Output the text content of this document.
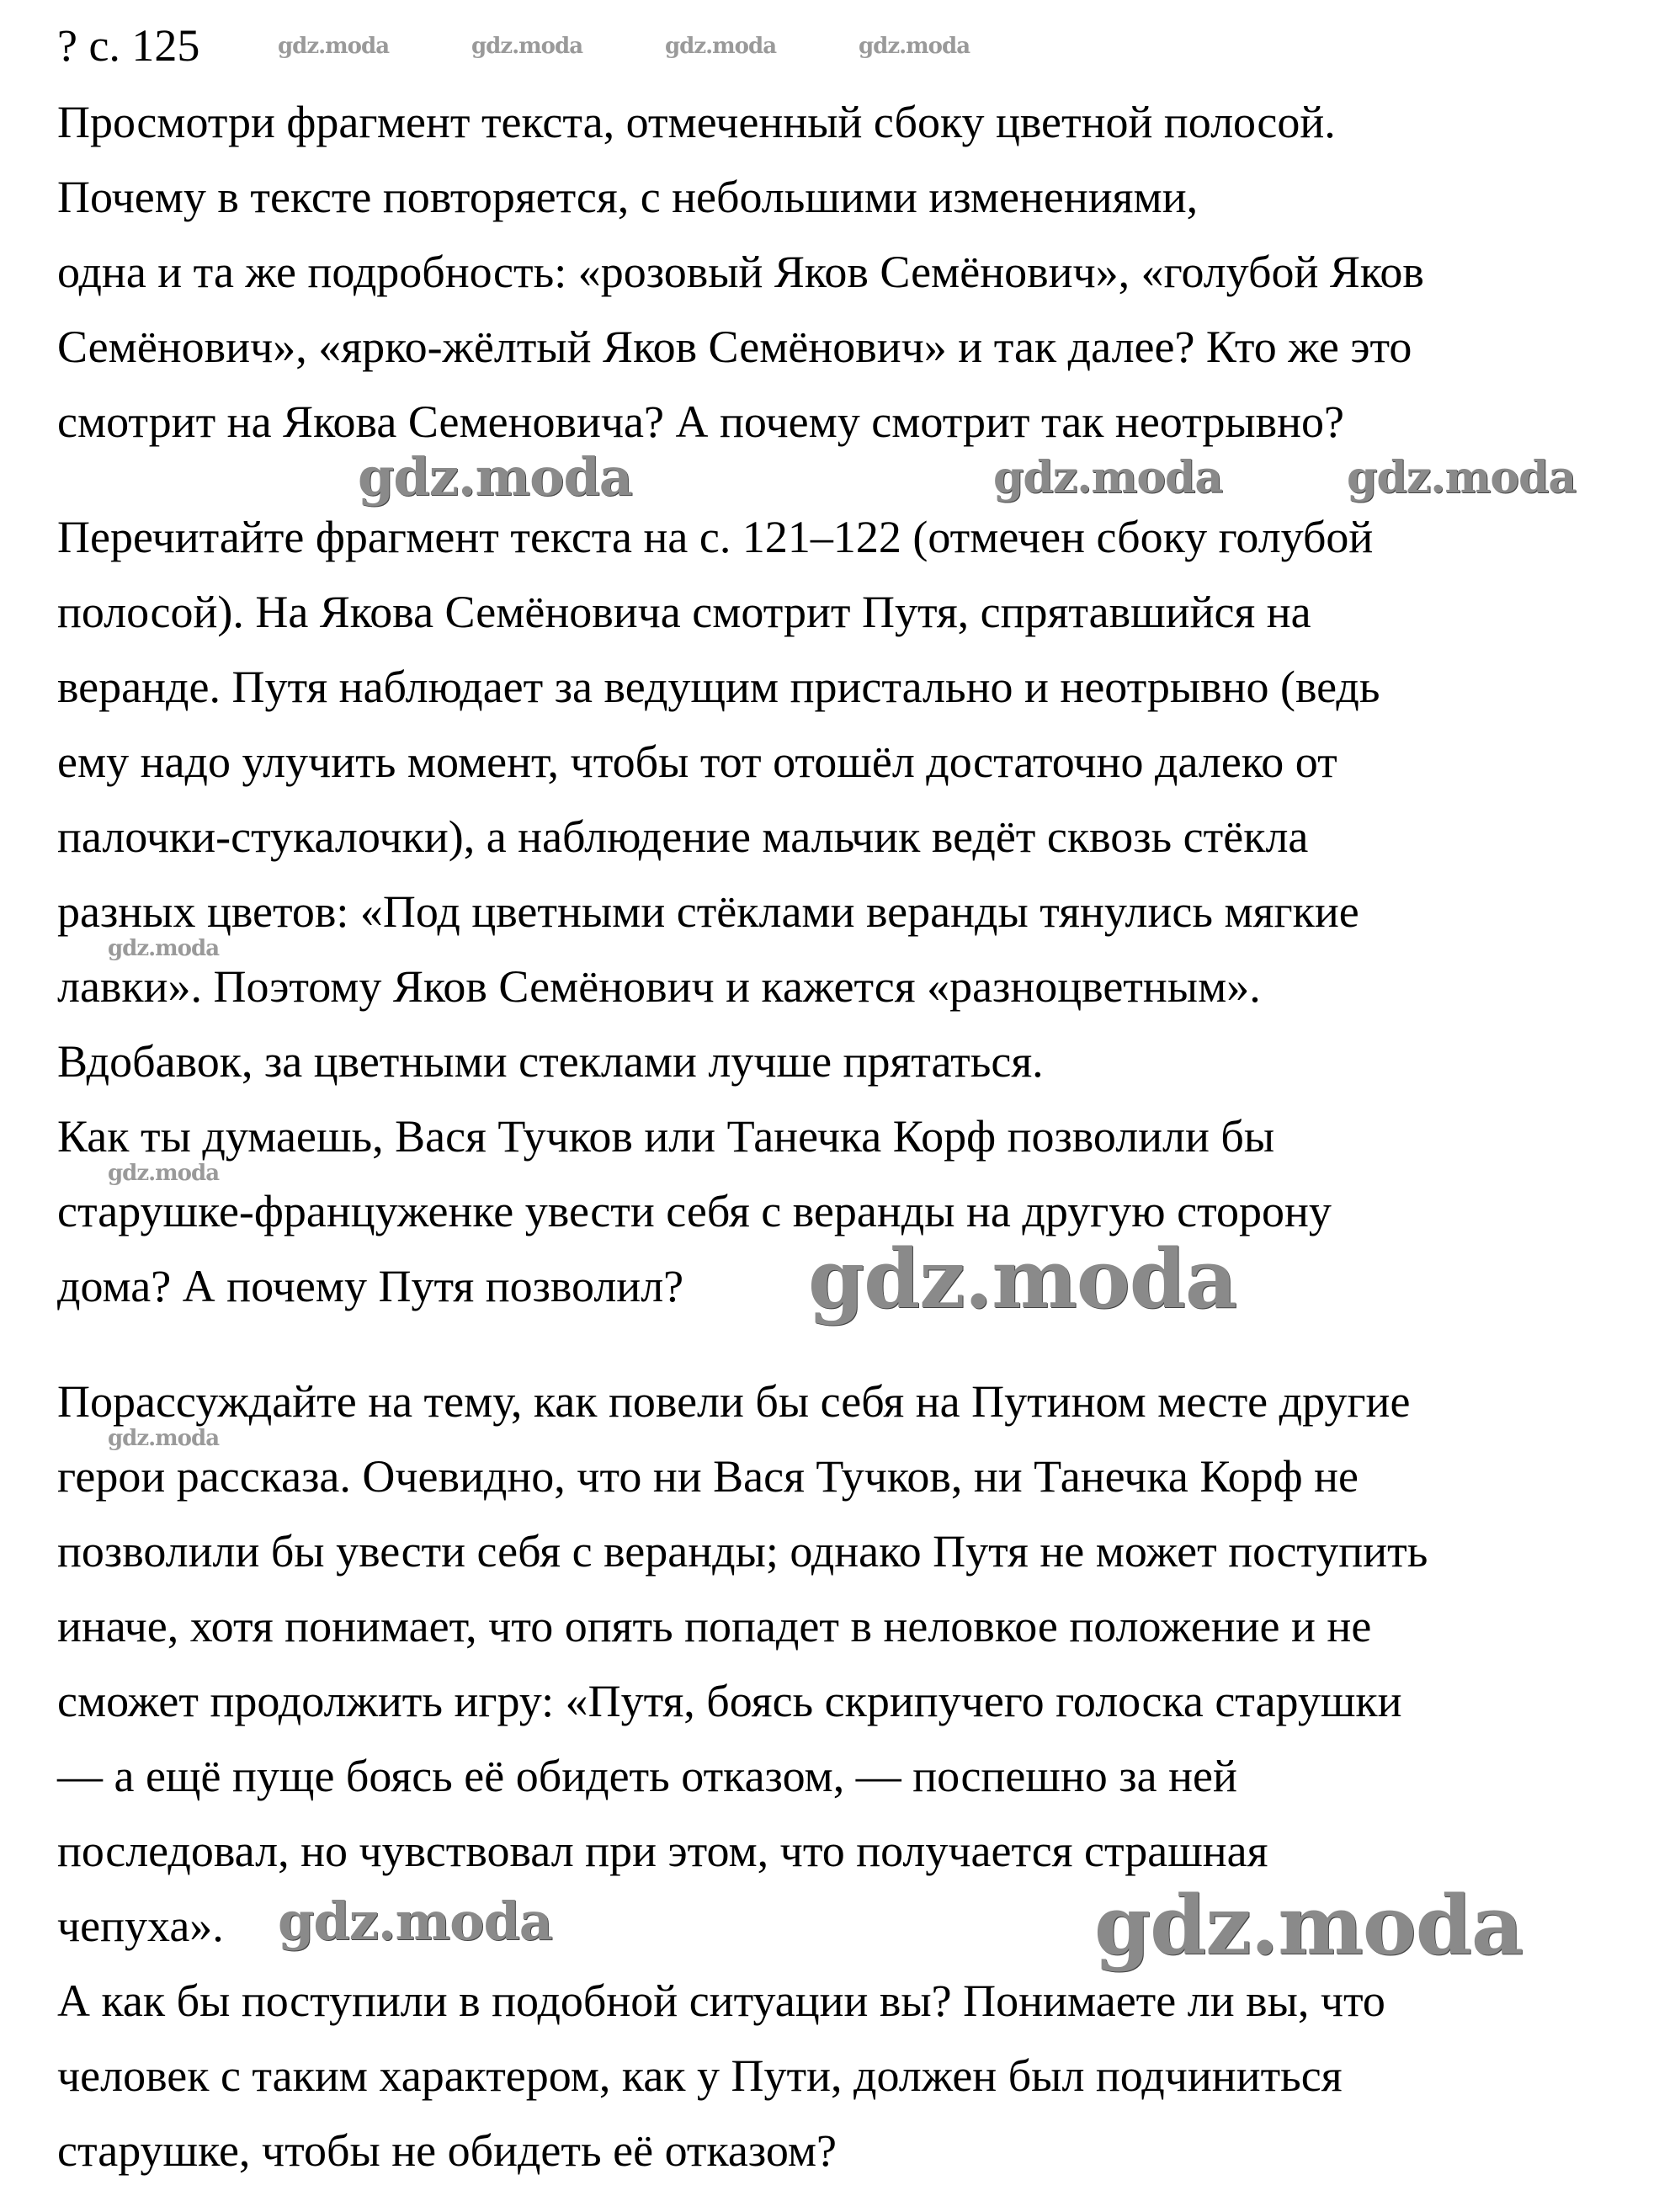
? с. 125
Просмотри фрагмент текста, отмеченный сбоку цветной полосой.
Почему в тексте повторяется, с небольшими изменениями,
одна и та же подробность: «розовый Яков Семёнович», «голубой Яков
Семёнович», «ярко-жёлтый Яков Семёнович» и так далее? Кто же это
смотрит на Якова Семеновича? А почему смотрит так неотрывно?
Перечитайте фрагмент текста на с. 121–122 (отмечен сбоку голубой
полосой). На Якова Семёновича смотрит Путя, спрятавшийся на
веранде. Путя наблюдает за ведущим пристально и неотрывно (ведь
ему надо улучить момент, чтобы тот отошёл достаточно далеко от
палочки-стукалочки), а наблюдение мальчик ведёт сквозь стёкла
разных цветов: «Под цветными стёклами веранды тянулись мягкие
лавки». Поэтому Яков Семёнович и кажется «разноцветным».
Вдобавок, за цветными стеклами лучше прятаться.
Как ты думаешь, Вася Тучков или Танечка Корф позволили бы
старушке-француженке увести себя с веранды на другую сторону
дома? А почему Путя позволил?
Порассуждайте на тему, как повели бы себя на Путином месте другие
герои рассказа. Очевидно, что ни Вася Тучков, ни Танечка Корф не
позволили бы увести себя с веранды; однако Путя не может поступить
иначе, хотя понимает, что опять попадет в неловкое положение и не
сможет продолжить игру: «Путя, боясь скрипучего голоска старушки
— а ещё пуще боясь её обидеть отказом, — поспешно за ней
последовал, но чувствовал при этом, что получается страшная
чепуха».
А как бы поступили в подобной ситуации вы? Понимаете ли вы, что
человек с таким характером, как у Пути, должен был подчиниться
старушке, чтобы не обидеть её отказом?
gdz.moda	gdz.moda	gdz.moda	gdz.moda
gdz.moda
gdz.moda	gdz.moda
gdz.moda
gdz.moda
gdz.moda
gdz.moda
gdz.moda	gdz.moda
